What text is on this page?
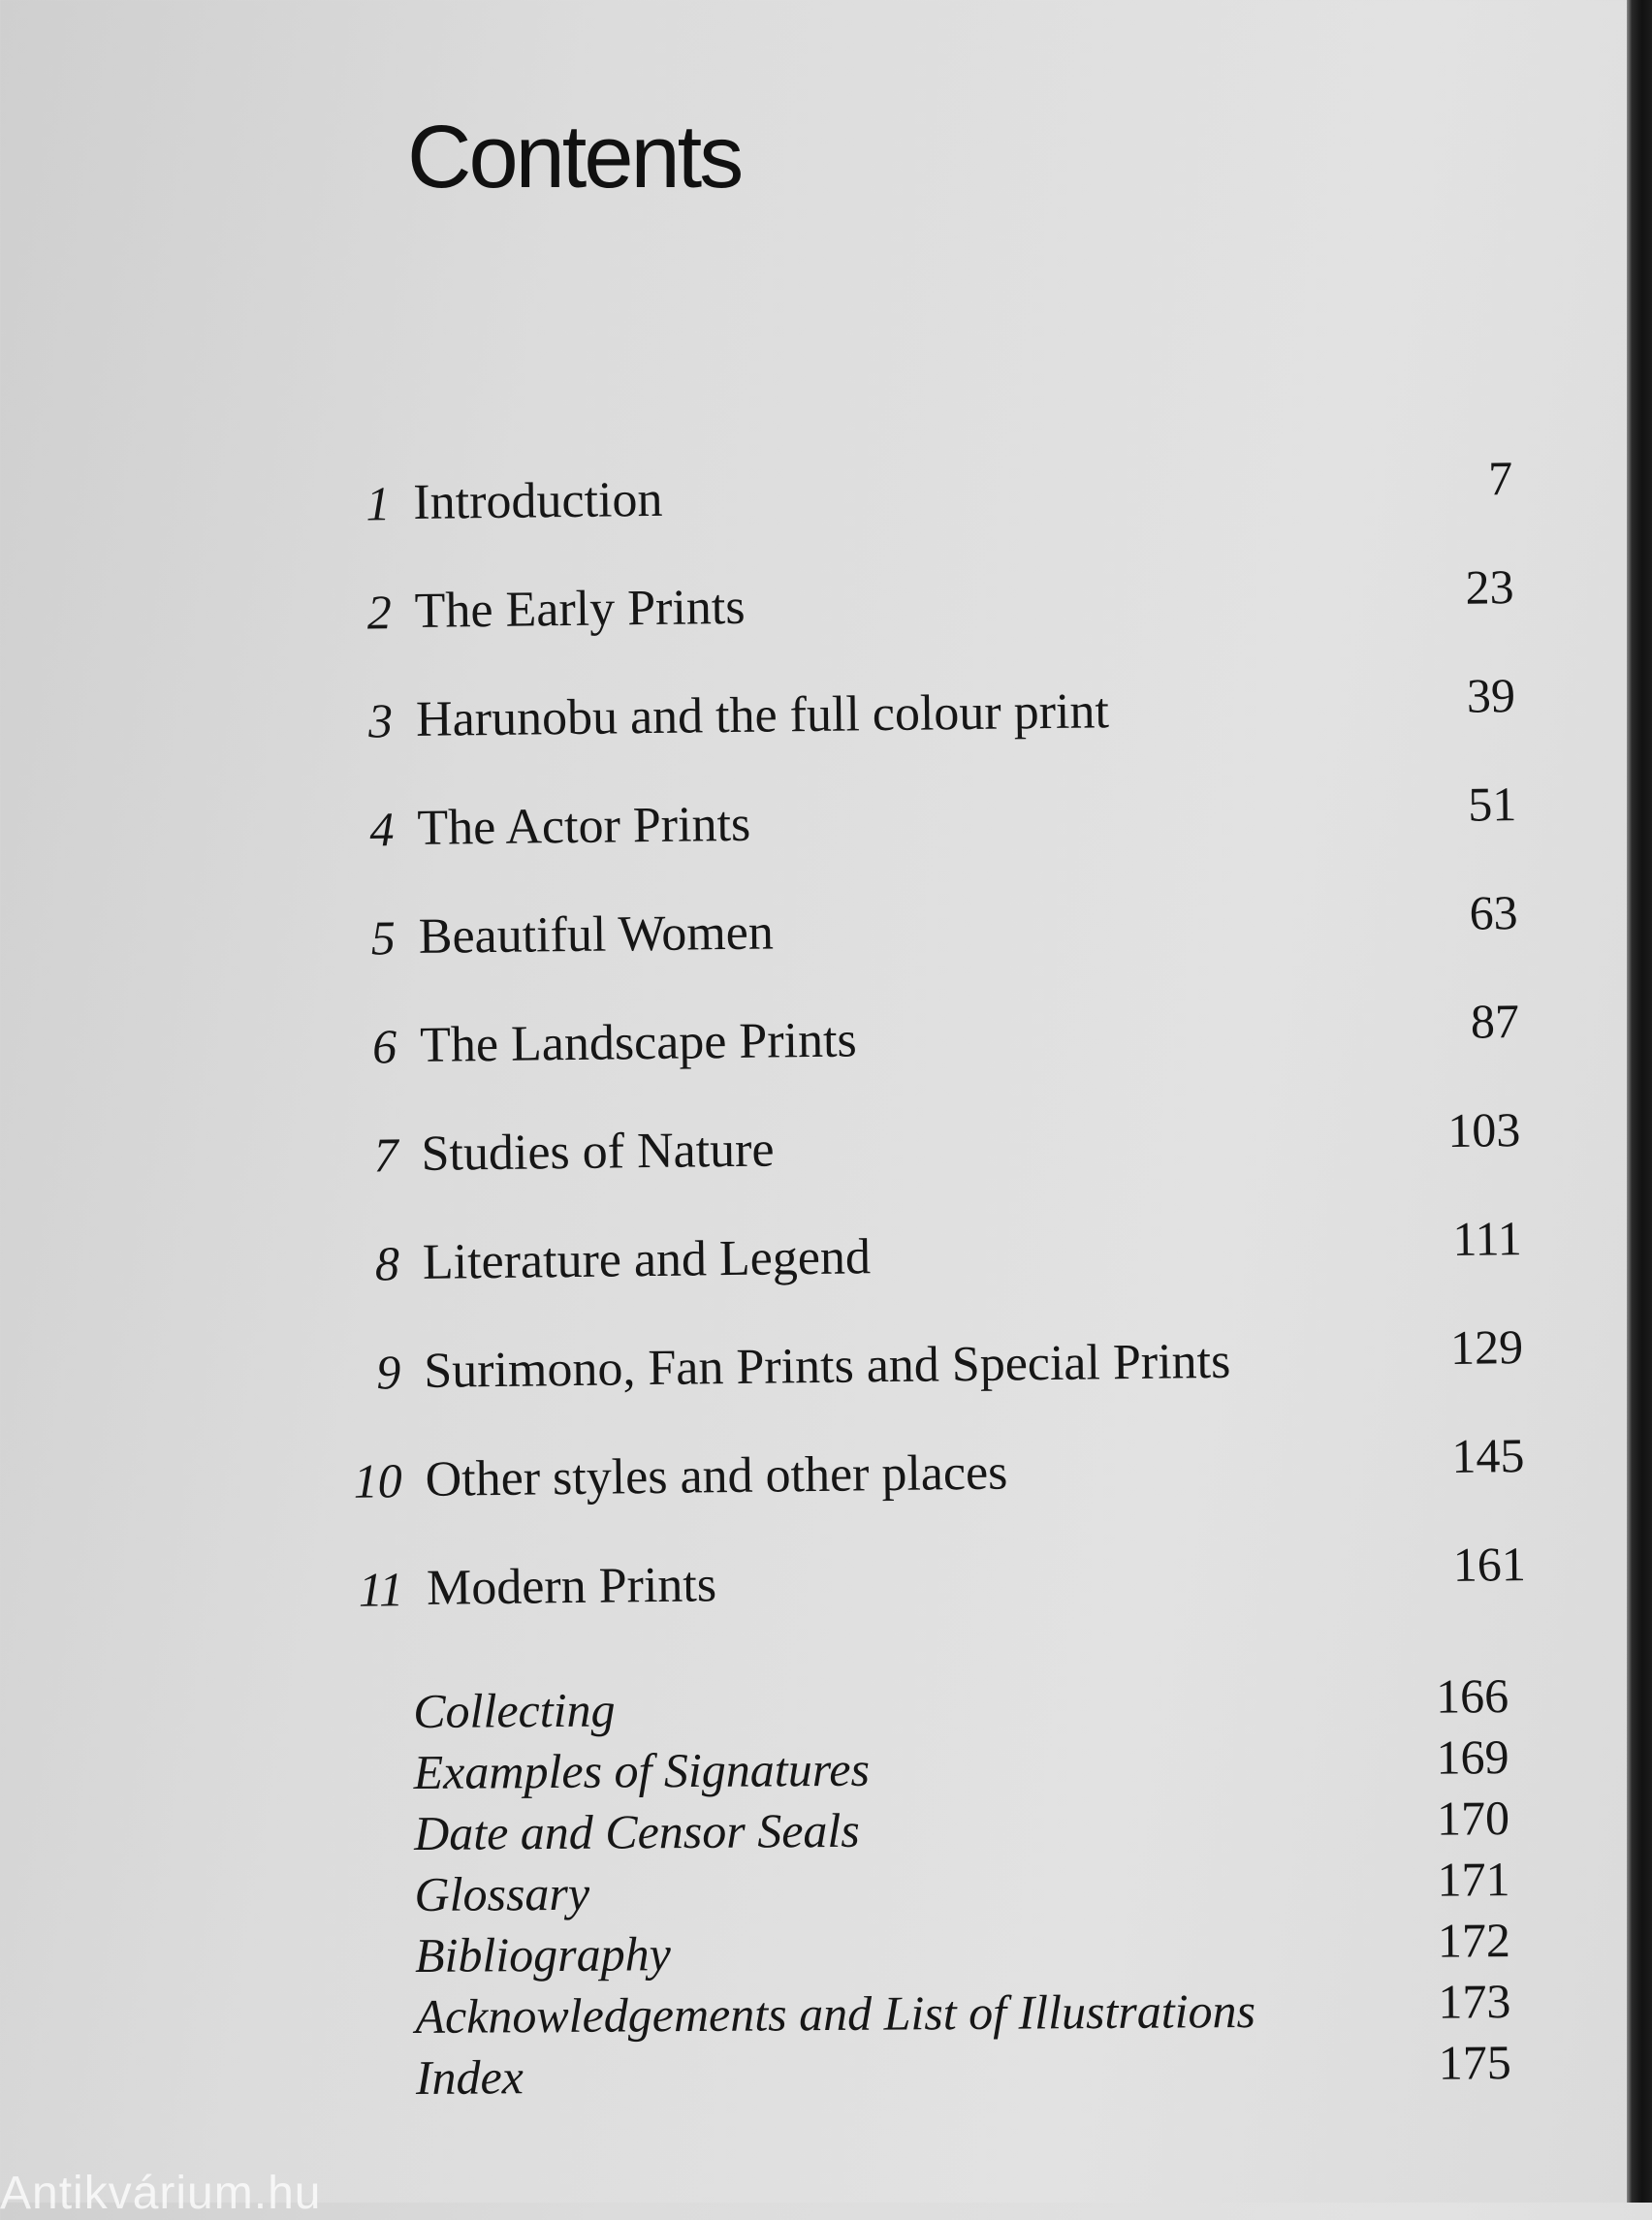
Contents
1 Introduction	7
2 The Early Prints	23
3 Harunobu and the full colour print	39
4 The Actor Prints	51
5 Beautiful Women	63
6 The Landscape Prints	87
7 Studies of Nature	103
8 Literature and Legend	111
9 Surimono, Fan Prints and Special Prints	129
10 Other styles and other places	145
11 Modern Prints	161
Collecting	166
Examples of Signatures	169
Date and Censor Seals	170
Glossary	171
Bibliography	172
Acknowledgements and List of Illustrations	173
Index	175
Antikvárium.hu
